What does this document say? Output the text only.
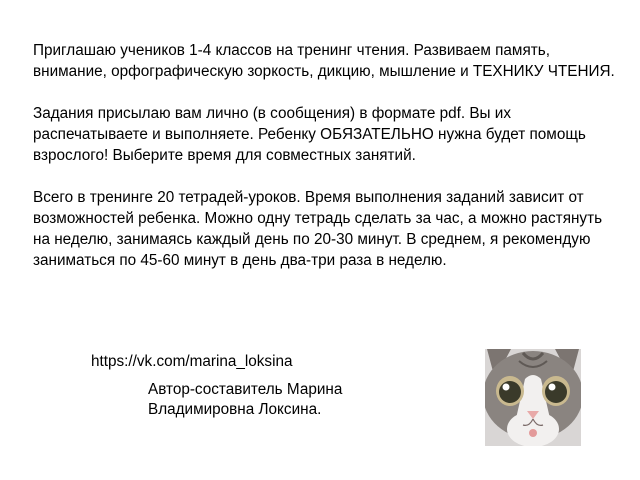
Приглашаю учеников 1-4 классов на тренинг чтения. Развиваем память, внимание, орфографическую зоркость, дикцию, мышление и ТЕХНИКУ ЧТЕНИЯ.

Задания присылаю вам лично (в сообщения) в формате pdf. Вы их распечатываете и выполняете. Ребенку ОБЯЗАТЕЛЬНО нужна будет помощь взрослого! Выберите время для совместных занятий.

Всего в тренинге 20 тетрадей-уроков. Время выполнения заданий зависит от возможностей ребенка. Можно одну тетрадь сделать за час, а можно растянуть на неделю, занимаясь каждый день по 20-30 минут. В среднем, я рекомендую заниматься по 45-60 минут в день два-три раза в неделю.

https://vk.com/marina_loksina
Автор-составитель Марина
Владимировна Локсина.
